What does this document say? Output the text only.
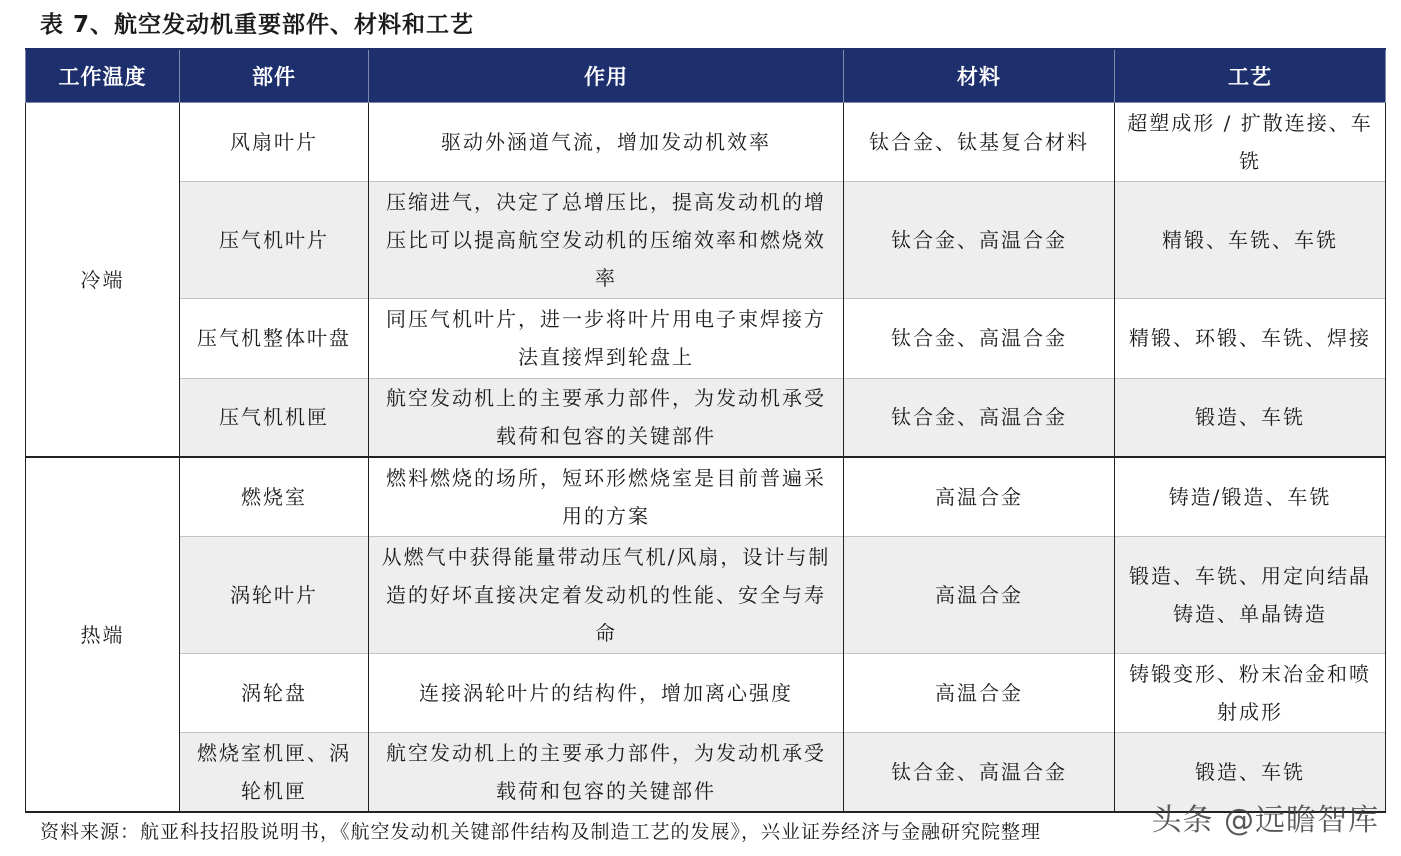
表 7、航空发动机重要部件、材料和工艺
工作温度	部件	作用	材料	工艺
冷端	风扇叶片	驱动外涵道气流，增加发动机效率	钛合金、钛基复合材料	超塑成形 / 扩散连接、车铣
	压气机叶片	压缩进气，决定了总增压比，提高发动机的增压比可以提高航空发动机的压缩效率和燃烧效率	钛合金、高温合金	精锻、车铣、车铣
	压气机整体叶盘	同压气机叶片，进一步将叶片用电子束焊接方法直接焊到轮盘上	钛合金、高温合金	精锻、环锻、车铣、焊接
	压气机机匣	航空发动机上的主要承力部件，为发动机承受载荷和包容的关键部件	钛合金、高温合金	锻造、车铣
热端	燃烧室	燃料燃烧的场所，短环形燃烧室是目前普遍采用的方案	高温合金	铸造/锻造、车铣
	涡轮叶片	从燃气中获得能量带动压气机/风扇，设计与制造的好坏直接决定着发动机的性能、安全与寿命	高温合金	锻造、车铣、用定向结晶铸造、单晶铸造
	涡轮盘	连接涡轮叶片的结构件，增加离心强度	高温合金	铸锻变形、粉末冶金和喷射成形
	燃烧室机匣、涡轮机匣	航空发动机上的主要承力部件，为发动机承受载荷和包容的关键部件	钛合金、高温合金	锻造、车铣
资料来源：航亚科技招股说明书，《航空发动机关键部件结构及制造工艺的发展》，兴业证券经济与金融研究院整理	头条 @远瞻智库
